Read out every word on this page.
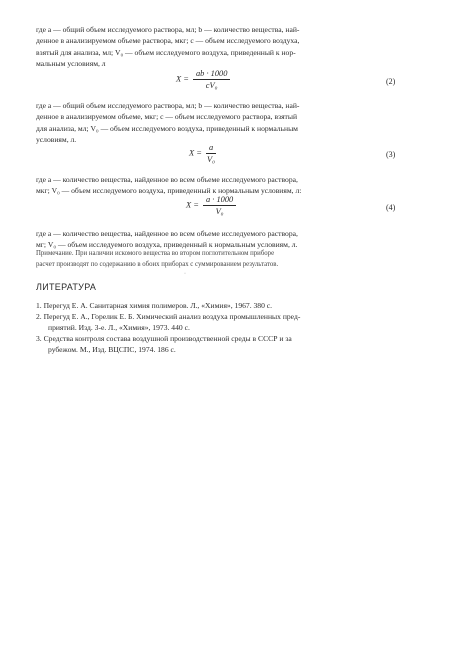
где a — общий объем исследуемого раствора, мл; b — количество вещества, най-
денное в анализируемом объеме раствора, мкг; c — объем исследуемого воздуха,
взятый для анализа, мл; V₀ — объем исследуемого воздуха, приведенный к нор-
мальным условиям, л
$X = \frac{ab \cdot 1000}{\text{cV₀}}$	(2)
где a — общий объем исследуемого раствора, мл; b — количество вещества, най-
денное в анализируемом объеме, мкг; c — объем исследуемого раствора, взятый
для анализа, мл; V₀ — объем исследуемого воздуха, приведенный к нормальным
условиям, л.
$X = \frac{a}{\text{V₀}}$	(3)
где a — количество вещества, найденное во всем объеме исследуемого раствора,
мкг; V₀ — объем исследуемого воздуха, приведенный к нормальным условиям, л:
$X = \frac{a \cdot 1000}{\text{V₀}}$	(4)
где a — количество вещества, найденное во всем объеме исследуемого раствора,
мг; V₀ — объем исследуемого воздуха, приведенный к нормальным условиям, л.
Примечание. При наличии искомого вещества во втором поглотительном приборе
расчет производят по содержанию в обоих приборах с суммированием результатов.
·
ЛИТЕРАТУРА
1. Перегуд Е. А. Санитарная химия полимеров. Л., «Химия», 1967. 380 с.
2. Перегуд Е. А., Горелик Е. Б. Химический анализ воздуха промышленных пред-
приятий. Изд. 3-е. Л., «Химия», 1973. 440 с.
3. Средства контроля состава воздушной производственной среды в СССР и за
рубежом. М., Изд. ВЦСПС, 1974. 186 с.
